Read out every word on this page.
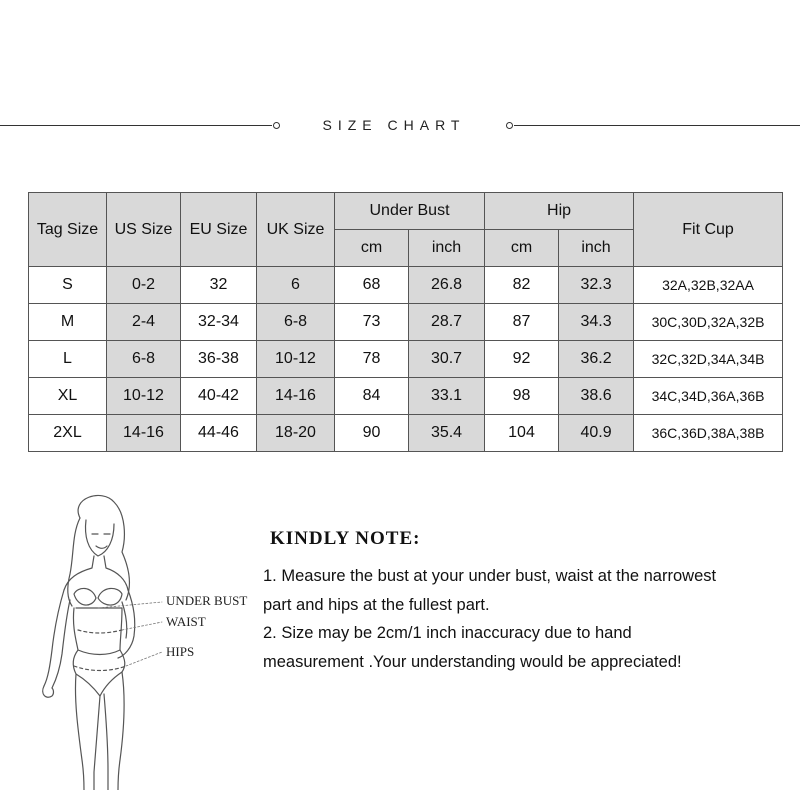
SIZE CHART
Tag Size	US Size	EU Size	UK Size	Under Bust		Hip		Fit Cup
				cm	inch	cm	inch	
S	0-2	32	6	68	26.8	82	32.3	32A,32B,32AA
M	2-4	32-34	6-8	73	28.7	87	34.3	30C,30D,32A,32B
L	6-8	36-38	10-12	78	30.7	92	36.2	32C,32D,34A,34B
XL	10-12	40-42	14-16	84	33.1	98	38.6	34C,34D,36A,36B
2XL	14-16	44-46	18-20	90	35.4	104	40.9	36C,36D,38A,38B
UNDER BUST
WAIST
HIPS
KINDLY NOTE:

1. Measure the bust at your under bust, waist at the narrowest

part and hips at the fullest part.

2. Size may be 2cm/1 inch inaccuracy due to hand

measurement .Your understanding would be appreciated!
